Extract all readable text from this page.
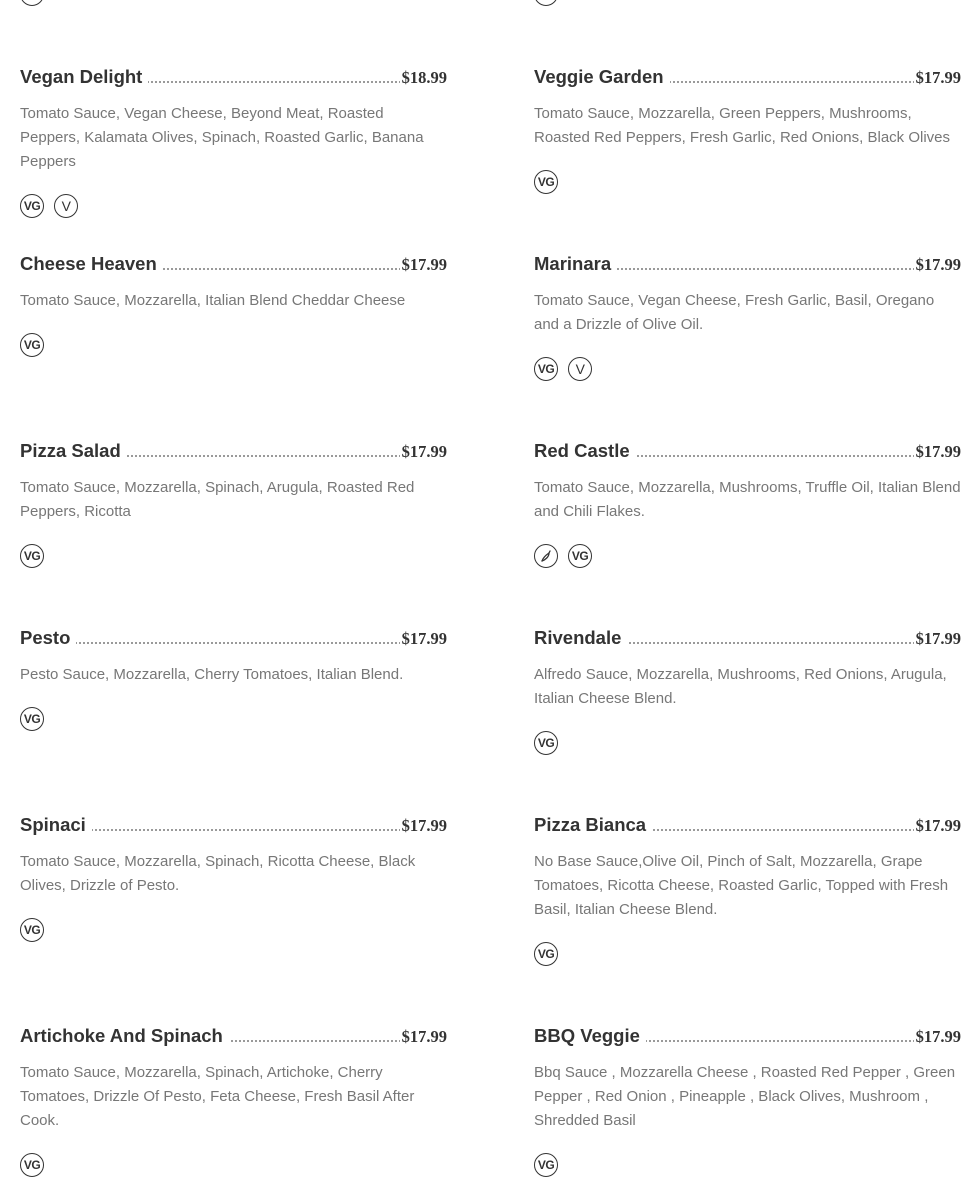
Vegan Delight	$18.99
Tomato Sauce, Vegan Cheese, Beyond Meat, Roasted Peppers, Kalamata Olives, Spinach, Roasted Garlic, Banana Peppers
VG V
Cheese Heaven	$17.99
Tomato Sauce, Mozzarella, Italian Blend Cheddar Cheese
VG
Pizza Salad	$17.99
Tomato Sauce, Mozzarella, Spinach, Arugula, Roasted Red Peppers, Ricotta
VG
Pesto	$17.99
Pesto Sauce, Mozzarella, Cherry Tomatoes, Italian Blend.
VG
Spinaci	$17.99
Tomato Sauce, Mozzarella, Spinach, Ricotta Cheese, Black Olives, Drizzle of Pesto.
VG
Artichoke And Spinach	$17.99
Tomato Sauce, Mozzarella, Spinach, Artichoke, Cherry Tomatoes, Drizzle Of Pesto, Feta Cheese, Fresh Basil After Cook.
VG
Veggie Garden	$17.99
Tomato Sauce, Mozzarella, Green Peppers, Mushrooms, Roasted Red Peppers, Fresh Garlic, Red Onions, Black Olives
VG
Marinara	$17.99
Tomato Sauce, Vegan Cheese, Fresh Garlic, Basil, Oregano and a Drizzle of Olive Oil.
VG V
Red Castle	$17.99
Tomato Sauce, Mozzarella, Mushrooms, Truffle Oil, Italian Blend and Chili Flakes.
VG
Rivendale	$17.99
Alfredo Sauce, Mozzarella, Mushrooms, Red Onions, Arugula, Italian Cheese Blend.
VG
Pizza Bianca	$17.99
No Base Sauce,Olive Oil, Pinch of Salt, Mozzarella, Grape Tomatoes, Ricotta Cheese, Roasted Garlic, Topped with Fresh Basil, Italian Cheese Blend.
VG
BBQ Veggie	$17.99
Bbq Sauce , Mozzarella Cheese , Roasted Red Pepper , Green Pepper , Red Onion , Pineapple , Black Olives, Mushroom , Shredded Basil
VG
